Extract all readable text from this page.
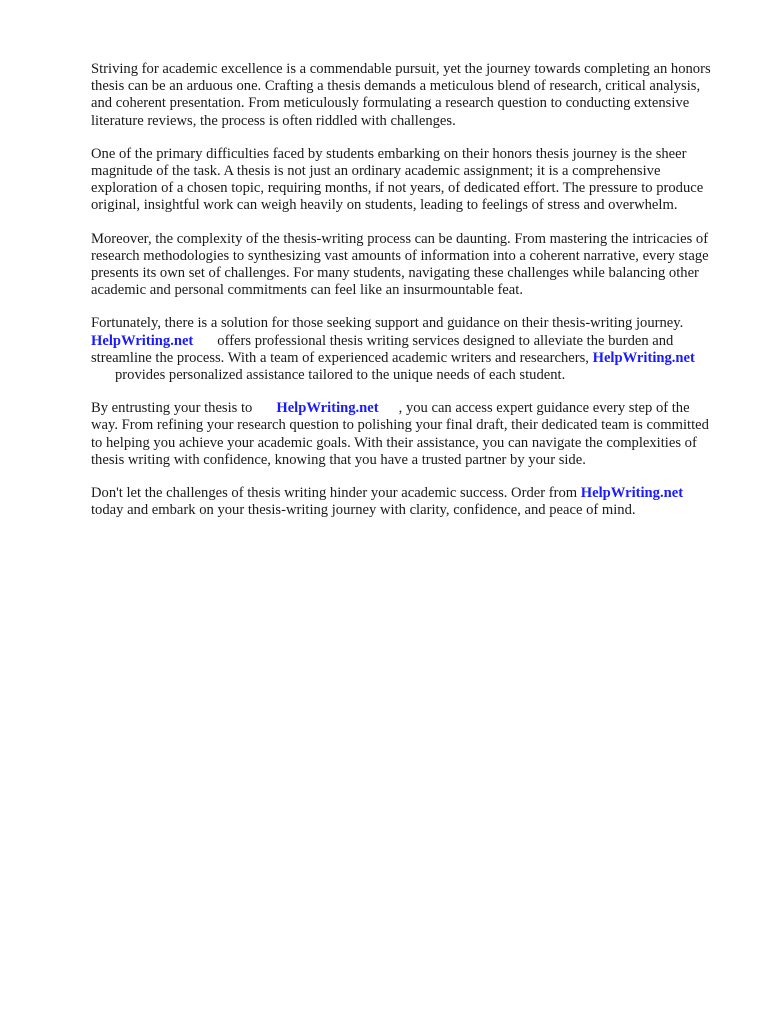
Striving for academic excellence is a commendable pursuit, yet the journey towards completing an honors thesis can be an arduous one. Crafting a thesis demands a meticulous blend of research, critical analysis, and coherent presentation. From meticulously formulating a research question to conducting extensive literature reviews, the process is often riddled with challenges.

One of the primary difficulties faced by students embarking on their honors thesis journey is the sheer magnitude of the task. A thesis is not just an ordinary academic assignment; it is a comprehensive exploration of a chosen topic, requiring months, if not years, of dedicated effort. The pressure to produce original, insightful work can weigh heavily on students, leading to feelings of stress and overwhelm.

Moreover, the complexity of the thesis-writing process can be daunting. From mastering the intricacies of research methodologies to synthesizing vast amounts of information into a coherent narrative, every stage presents its own set of challenges. For many students, navigating these challenges while balancing other academic and personal commitments can feel like an insurmountable feat.

Fortunately, there is a solution for those seeking support and guidance on their thesis-writing journey.HelpWriting.net offers professional thesis writing services designed to alleviate the burden and streamline the process. With a team of experienced academic writers and researchers, HelpWriting.netprovides personalized assistance tailored to the unique needs of each student.

By entrusting your thesis to HelpWriting.net , you can access expert guidance every step of the way. From refining your research question to polishing your final draft, their dedicated team is committed to helping you achieve your academic goals. With their assistance, you can navigate the complexities of thesis writing with confidence, knowing that you have a trusted partner by your side.

Don't let the challenges of thesis writing hinder your academic success. Order from HelpWriting.nettoday and embark on your thesis-writing journey with clarity, confidence, and peace of mind.
